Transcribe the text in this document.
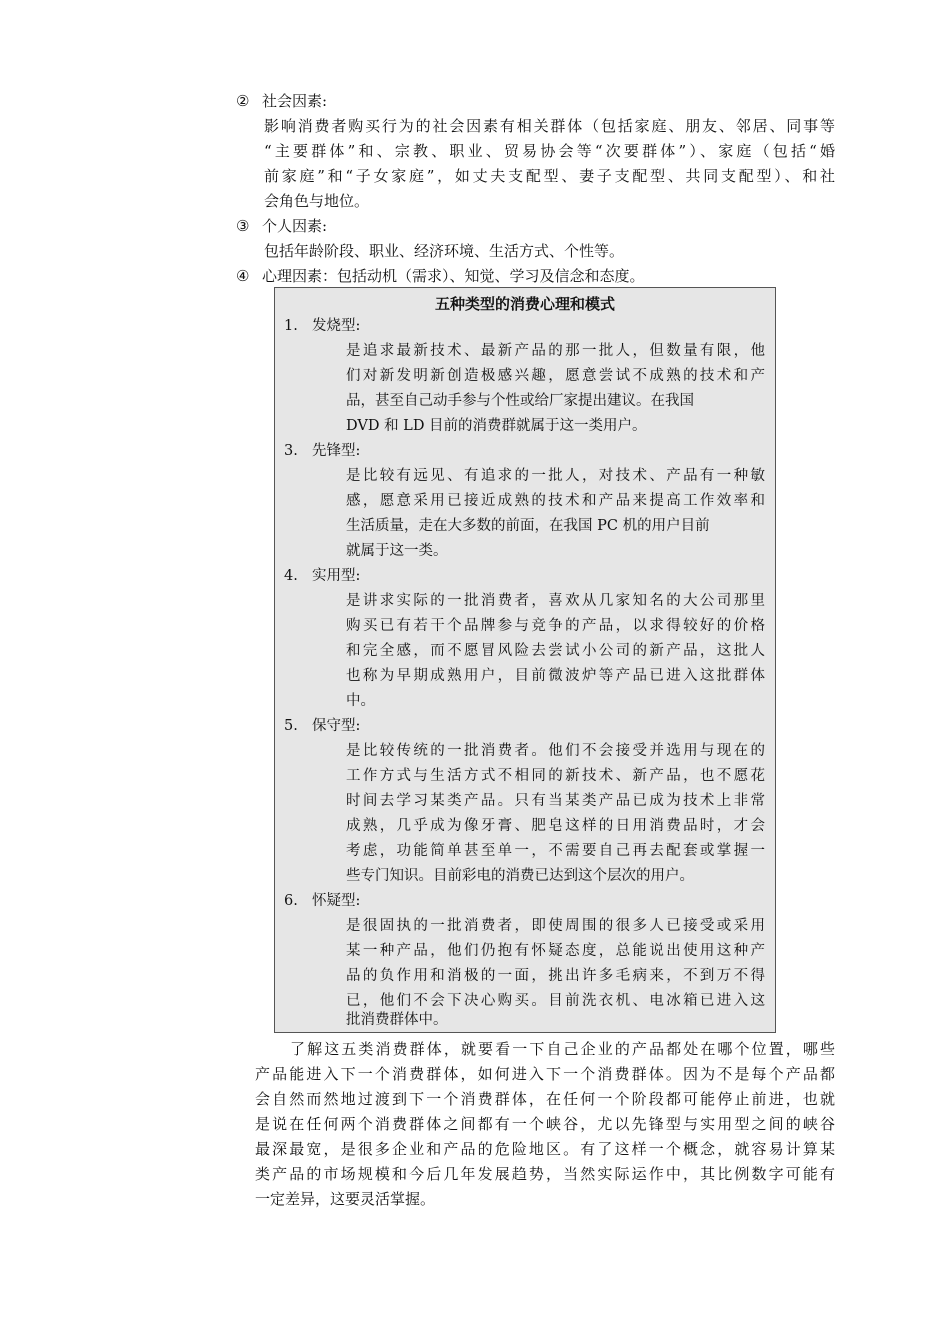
② 社会因素:
影响消费者购买行为的社会因素有相关群体（包括家庭、朋友、邻居、同事等
“主要群体”和、宗教、职业、贸易协会等“次要群体”）、家庭（包括“婚
前家庭”和“子女家庭”，如丈夫支配型、妻子支配型、共同支配型）、和社
会角色与地位。
③ 个人因素:
包括年龄阶段、职业、经济环境、生活方式、个性等。
④ 心理因素：包括动机（需求）、知觉、学习及信念和态度。
五种类型的消费心理和模式
1. 发烧型:
是追求最新技术、最新产品的那一批人，但数量有限，他
们对新发明新创造极感兴趣，愿意尝试不成熟的技术和产
品，甚至自己动手参与个性或给厂家提出建议。在我国
DVD 和 LD 目前的消费群就属于这一类用户。
3. 先锋型:
是比较有远见、有追求的一批人，对技术、产品有一种敏
感，愿意采用已接近成熟的技术和产品来提高工作效率和
生活质量，走在大多数的前面，在我国 PC 机的用户目前
就属于这一类。
4. 实用型:
是讲求实际的一批消费者，喜欢从几家知名的大公司那里
购买已有若干个品牌参与竞争的产品，以求得较好的价格
和完全感，而不愿冒风险去尝试小公司的新产品，这批人
也称为早期成熟用户，目前微波炉等产品已进入这批群体
中。
5. 保守型:
是比较传统的一批消费者。他们不会接受并选用与现在的
工作方式与生活方式不相同的新技术、新产品，也不愿花
时间去学习某类产品。只有当某类产品已成为技术上非常
成熟，几乎成为像牙膏、肥皂这样的日用消费品时，才会
考虑，功能简单甚至单一，不需要自己再去配套或掌握一
些专门知识。目前彩电的消费已达到这个层次的用户。
6. 怀疑型:
是很固执的一批消费者，即使周围的很多人已接受或采用
某一种产品，他们仍抱有怀疑态度，总能说出使用这种产
品的负作用和消极的一面，挑出许多毛病来，不到万不得
已，他们不会下决心购买。目前洗衣机、电冰箱已进入这
批消费群体中。
了解这五类消费群体，就要看一下自己企业的产品都处在哪个位置，哪些
产品能进入下一个消费群体，如何进入下一个消费群体。因为不是每个产品都
会自然而然地过渡到下一个消费群体，在任何一个阶段都可能停止前进，也就
是说在任何两个消费群体之间都有一个峡谷，尤以先锋型与实用型之间的峡谷
最深最宽，是很多企业和产品的危险地区。有了这样一个概念，就容易计算某
类产品的市场规模和今后几年发展趋势，当然实际运作中，其比例数字可能有
一定差异，这要灵活掌握。
